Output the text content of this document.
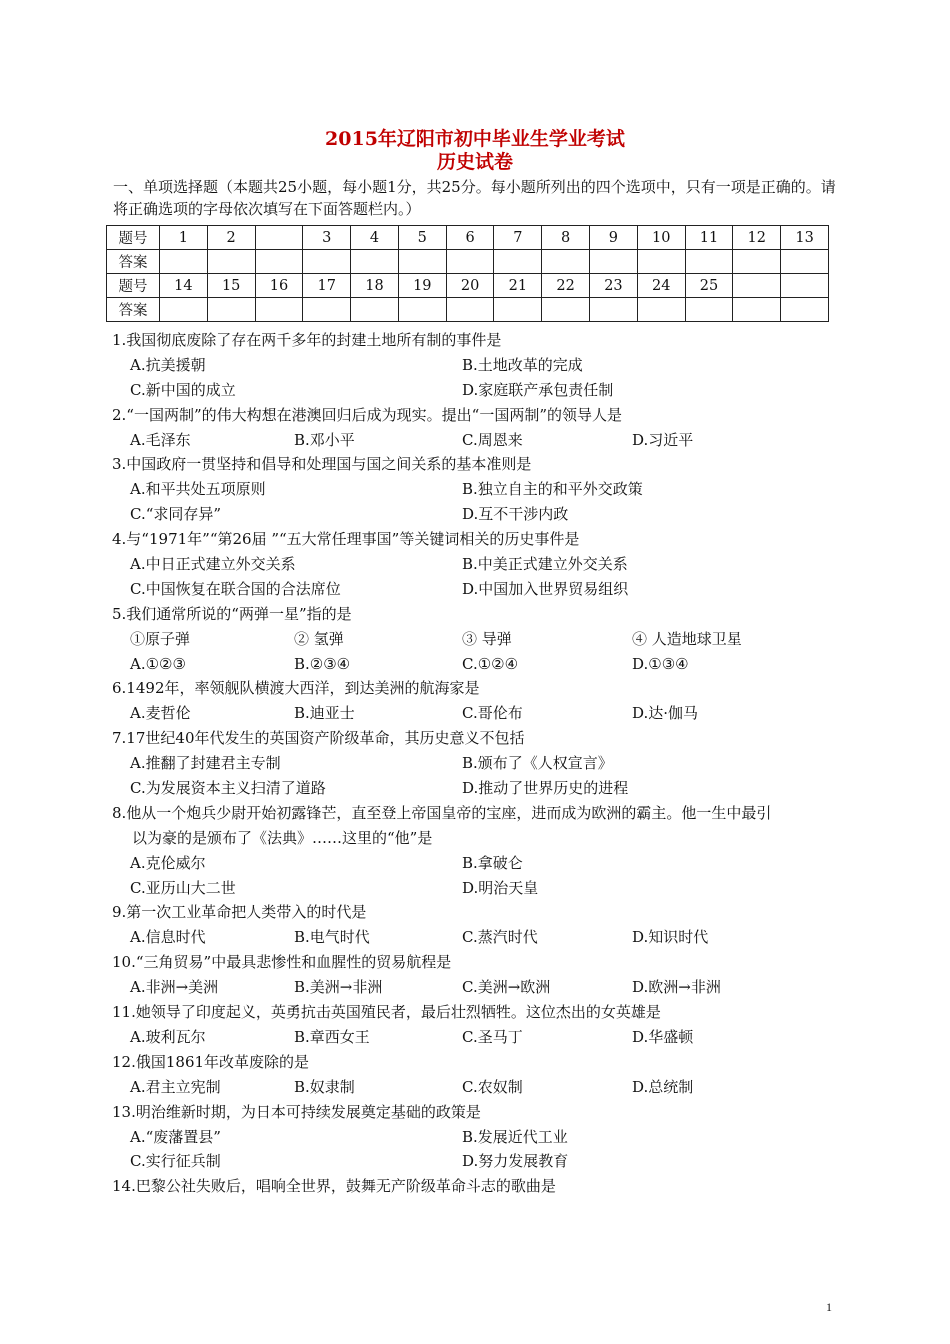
2015年辽阳市初中毕业生学业考试
历史试卷
一、单项选择题（本题共25小题，每小题1分，共25分。每小题所列出的四个选项中，只有一项是正确的。请将正确选项的字母依次填写在下面答题栏内。）
题号	1	2		3	4	5	6	7	8	9	10	11	12	13
答案														
题号	14	15	16	17	18	19	20	21	22	23	24	25		
答案														
1.我国彻底废除了存在两千多年的封建土地所有制的事件是
A.抗美援朝	B.土地改革的完成
C.新中国的成立	D.家庭联产承包责任制
2.“一国两制”的伟大构想在港澳回归后成为现实。提出“一国两制”的领导人是
A.毛泽东	B.邓小平	C.周恩来	D.习近平
3.中国政府一贯坚持和倡导和处理国与国之间关系的基本准则是
A.和平共处五项原则	B.独立自主的和平外交政策
C.“求同存异”	D.互不干涉内政
4.与“1971年”“第26届 ”“五大常任理事国”等关键词相关的历史事件是
A.中日正式建立外交关系	B.中美正式建立外交关系
C.中国恢复在联合国的合法席位	D.中国加入世界贸易组织
5.我们通常所说的“两弹一星”指的是
①原子弹	② 氢弹	③ 导弹	④ 人造地球卫星
A.①②③	B.②③④	C.①②④	D.①③④
6.1492年，率领舰队横渡大西洋，到达美洲的航海家是
A.麦哲伦	B.迪亚士	C.哥伦布	D.达·伽马
7.17世纪40年代发生的英国资产阶级革命，其历史意义不包括
A.推翻了封建君主专制	B.颁布了《人权宣言》
C.为发展资本主义扫清了道路	D.推动了世界历史的进程
8.他从一个炮兵少尉开始初露锋芒，直至登上帝国皇帝的宝座，进而成为欧洲的霸主。他一生中最引
以为豪的是颁布了《法典》……这里的“他”是
A.克伦威尔	B.拿破仑
C.亚历山大二世	D.明治天皇
9.第一次工业革命把人类带入的时代是
A.信息时代	B.电气时代	C.蒸汽时代	D.知识时代
10.“三角贸易”中最具悲惨性和血腥性的贸易航程是
A.非洲→美洲	B.美洲→非洲	C.美洲→欧洲	D.欧洲→非洲
11.她领导了印度起义，英勇抗击英国殖民者，最后壮烈牺牲。这位杰出的女英雄是
A.玻利瓦尔	B.章西女王	C.圣马丁	D.华盛顿
12.俄国1861年改革废除的是
A.君主立宪制	B.奴隶制	C.农奴制	D.总统制
13.明治维新时期，为日本可持续发展奠定基础的政策是
A.“废藩置县”	B.发展近代工业
C.实行征兵制	D.努力发展教育
14.巴黎公社失败后，唱响全世界，鼓舞无产阶级革命斗志的歌曲是
1
